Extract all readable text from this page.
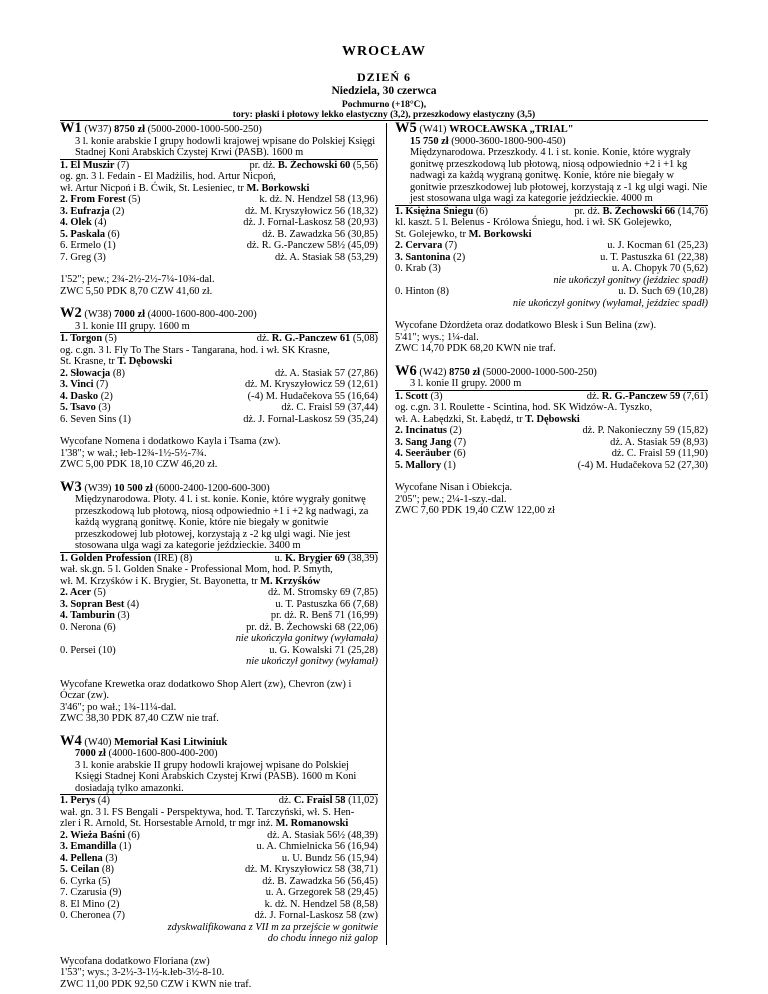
WROCŁAW
DZIEŃ 6
Niedziela, 30 czerwca
Pochmurno (+18°C),
tory: płaski i płotowy lekko elastyczny (3,2), przeszkodowy elastyczny (3,5)
W1 (W37) 8750 zł (5000-2000-1000-500-250)
3 l. konie arabskie I grupy hodowli krajowej wpisane do Polskiej Księgi Stadnej Koni Arabskich Czystej Krwi (PASB). 1600 m
1. El Muszir (7)	pr. dż. B. Żechowski 60 (5,56)
og. gn. 3 l. Fedain - El Madżilis, hod. Artur Nicpoń,
wł. Artur Nicpoń i B. Ćwik, St. Lesieniec, tr M. Borkowski
2. From Forest (5)	k. dż. N. Hendzel 58 (13,96)
3. Eufrazja (2)	dż. M. Kryszyłowicz 56 (18,32)
4. Olek (4)	dż. J. Fornal-Laskosz 58 (20,93)
5. Paskala (6)	dż. B. Zawadzka 56 (30,85)
6. Ermelo (1)	dż. R. G.-Panczew 58½ (45,09)
7. Greg (3)	dż. A. Stasiak 58 (53,29)
1'52"; pew.; 2¾-2½-2½-7¼-10¾-dal.
ZWC 5,50 PDK 8,70 CZW 41,60 zł.
W2 (W38) 7000 zł (4000-1600-800-400-200)
3 l. konie III grupy. 1600 m
1. Torgon (5)	dż. R. G.-Panczew 61 (5,08)
og. c.gn. 3 l. Fly To The Stars - Tangarana, hod. i wł. SK Krasne,
St. Krasne, tr T. Dębowski
2. Słowacja (8)	dż. A. Stasiak 57 (27,86)
3. Vinci (7)	dż. M. Kryszyłowicz 59 (12,61)
4. Dasko (2)	(-4) M. Hudačekova 55 (16,64)
5. Tsavo (3)	dż. C. Fraisl 59 (37,44)
6. Seven Sins (1)	dż. J. Fornal-Laskosz 59 (35,24)
Wycofane Nomena i dodatkowo Kayla i Tsama (zw).
1'38"; w wał.; łeb-12¾-1½-5½-7¾.
ZWC 5,00 PDK 18,10 CZW 46,20 zł.
W3 (W39) 10 500 zł (6000-2400-1200-600-300)
Międzynarodowa. Płoty. 4 l. i st. konie. Konie, które wygrały gonitwę przeszkodową lub płotową, niosą odpowiednio +1 i +2 kg nadwagi, za każdą wygraną gonitwę. Konie, które nie biegały w gonitwie przeszkodowej lub płotowej, korzystają z -2 kg ulgi wagi. Nie jest stosowana ulga wagi za kategorie jeździeckie. 3400 m
1. Golden Profession (IRE) (8)	u. K. Brygier 69 (38,39)
wał. sk.gn. 5 l. Golden Snake - Professional Mom, hod. P. Smyth,
wł. M. Krzyśków i K. Brygier, St. Bayonetta, tr M. Krzyśków
2. Acer (5)	dż. M. Stromsky 69 (7,85)
3. Sopran Best (4)	u. T. Pastuszka 66 (7,68)
4. Tamburin (3)	pr. dż. R. Benš 71 (16,99)
0. Nerona (6)	pr. dż. B. Żechowski 68 (22,06)
nie ukończyła gonitwy (wyłamała)
0. Persei (10)	u. G. Kowalski 71 (25,28)
nie ukończył gonitwy (wyłamał)
Wycofane Krewetka oraz dodatkowo Shop Alert (zw), Chevron (zw) i Óczar (zw).
3'46"; po wał.; 1¾-11¼-dal.
ZWC 38,30 PDK 87,40 CZW nie traf.
W4 (W40) Memoriał Kasi Litwiniuk
7000 zł (4000-1600-800-400-200)
3 l. konie arabskie II grupy hodowli krajowej wpisane do Polskiej Księgi Stadnej Koni Arabskich Czystej Krwi (PASB). 1600 m Koni dosiadają tylko amazonki.
1. Perys (4)	dż. C. Fraisl 58 (11,02)
wał. gn. 3 l. FS Bengali - Perspektywa, hod. T. Tarczyński, wł. S. Hen-
zler i R. Arnold, St. Horsestable Arnold, tr mgr inż. M. Romanowski
2. Wieża Baśni (6)	dż. A. Stasiak 56½ (48,39)
3. Emandilla (1)	u. A. Chmielnicka 56 (16,94)
4. Pellena (3)	u. U. Bundz 56 (15,94)
5. Ceilan (8)	dż. M. Kryszyłowicz 58 (38,71)
6. Cyrka (5)	dż. B. Zawadzka 56 (56,45)
7. Czarusia (9)	u. A. Grzegorek 58 (29,45)
8. El Mino (2)	k. dż. N. Hendzel 58 (8,58)
0. Cheronea (7)	dż. J. Fornal-Laskosz 58 (zw)
zdyskwalifikowana z VII m za przejście w gonitwie
do chodu innego niż galop
Wycofana dodatkowo Floriana (zw)
1'53"; wys.; 3-2½-3-1½-k.łeb-3½-8-10.
ZWC 11,00 PDK 92,50 CZW i KWN nie traf.
W5 (W41) WROCŁAWSKA „TRIAL"
15 750 zł (9000-3600-1800-900-450)
Międzynarodowa. Przeszkody. 4 l. i st. konie. Konie, które wygrały gonitwę przeszkodową lub płotową, niosą odpowiednio +2 i +1 kg nadwagi za każdą wygraną gonitwę. Konie, które nie biegały w gonitwie przeszkodowej lub płotowej, korzystają z -1 kg ulgi wagi. Nie jest stosowana ulga wagi za kategorie jeździeckie. 4000 m
1. Księżna Śniegu (6)	pr. dż. B. Żechowski 66 (14,76)
kl. kaszt. 5 l. Belenus - Królowa Śniegu, hod. i wł. SK Golejewko,
St. Golejewko, tr M. Borkowski
2. Cervara (7)	u. J. Kocman 61 (25,23)
3. Santonina (2)	u. T. Pastuszka 61 (22,38)
0. Krab (3)	u. A. Chopyk 70 (5,62)
nie ukończył gonitwy (jeździec spadł)
0. Hinton (8)	u. D. Such 69 (10,28)
nie ukończył gonitwy (wyłamał, jeździec spadł)
Wycofane Dżordżeta oraz dodatkowo Blesk i Sun Belina (zw).
5'41"; wys.; 1¼-dal.
ZWC 14,70 PDK 68,20 KWN nie traf.
W6 (W42) 8750 zł (5000-2000-1000-500-250)
3 l. konie II grupy. 2000 m
1. Scott (3)	dż. R. G.-Panczew 59 (7,61)
og. c.gn. 3 l. Roulette - Scintina, hod. SK Widzów-A. Tyszko,
wł. A. Łabędzki, St. Łabędź, tr T. Dębowski
2. Incinatus (2)	dż. P. Nakonieczny 59 (15,82)
3. Sang Jang (7)	dż. A. Stasiak 59 (8,93)
4. Seeräuber (6)	dż. C. Fraisl 59 (11,90)
5. Mallory (1)	(-4) M. Hudačekova 52 (27,30)
Wycofane Nisan i Obiekcja.
2'05"; pew.; 2¼-1-szy.-dal.
ZWC 7,60 PDK 19,40 CZW 122,00 zł
